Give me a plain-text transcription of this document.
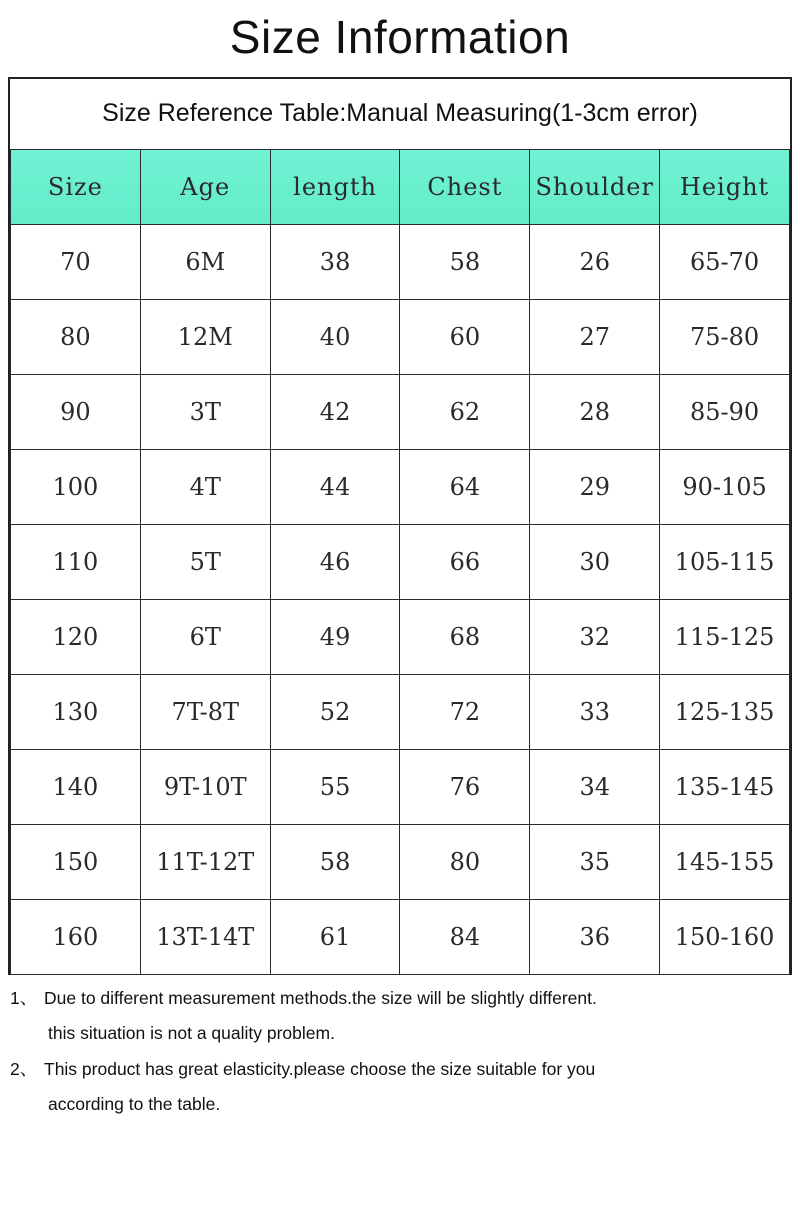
Size Information
Size Reference Table:Manual Measuring(1-3cm error)					
Size	Age	length	Chest	Shoulder	Height
70	6M	38	58	26	65-70
80	12M	40	60	27	75-80
90	3T	42	62	28	85-90
100	4T	44	64	29	90-105
110	5T	46	66	30	105-115
120	6T	49	68	32	115-125
130	7T-8T	52	72	33	125-135
140	9T-10T	55	76	34	135-145
150	11T-12T	58	80	35	145-155
160	13T-14T	61	84	36	150-160
1、 Due to different measurement methods.the size will be slightly different.
this situation is not a quality problem.
2、 This product has great elasticity.please choose the size suitable for you
according to the table.
